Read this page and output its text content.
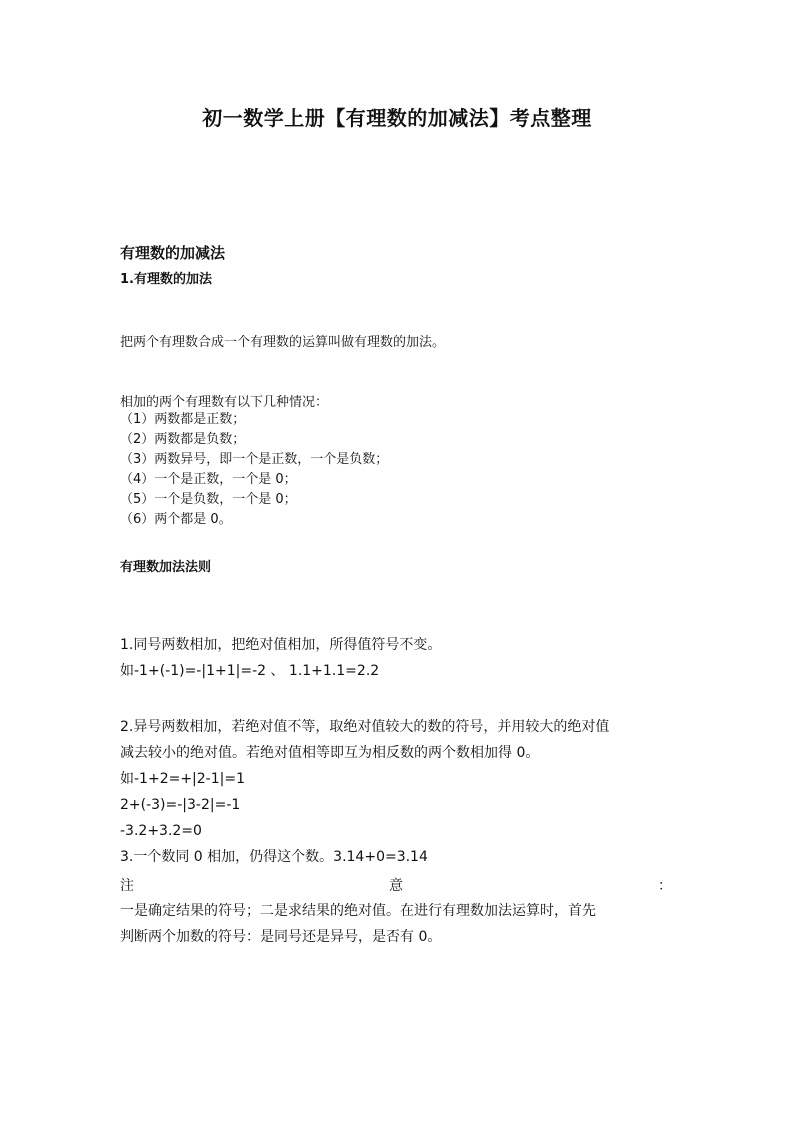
初一数学上册【有理数的加减法】考点整理
有理数的加减法
1.有理数的加法
把两个有理数合成一个有理数的运算叫做有理数的加法。
相加的两个有理数有以下几种情况：
（1）两数都是正数；
（2）两数都是负数；
（3）两数异号，即一个是正数，一个是负数；
（4）一个是正数，一个是 0；
（5）一个是负数，一个是 0；
（6）两个都是 0。
有理数加法法则
1.同号两数相加，把绝对值相加，所得值符号不变。
如-1+(-1)=-|1+1|=-2 、 1.1+1.1=2.2
2.异号两数相加，若绝对值不等，取绝对值较大的数的符号，并用较大的绝对值
减去较小的绝对值。若绝对值相等即互为相反数的两个数相加得 0。
如-1+2=+|2-1|=1
2+(-3)=-|3-2|=-1
-3.2+3.2=0
3.一个数同 0 相加，仍得这个数。3.14+0=3.14
注	意	：
一是确定结果的符号；二是求结果的绝对值。在进行有理数加法运算时，首先
判断两个加数的符号：是同号还是异号，是否有 0。
